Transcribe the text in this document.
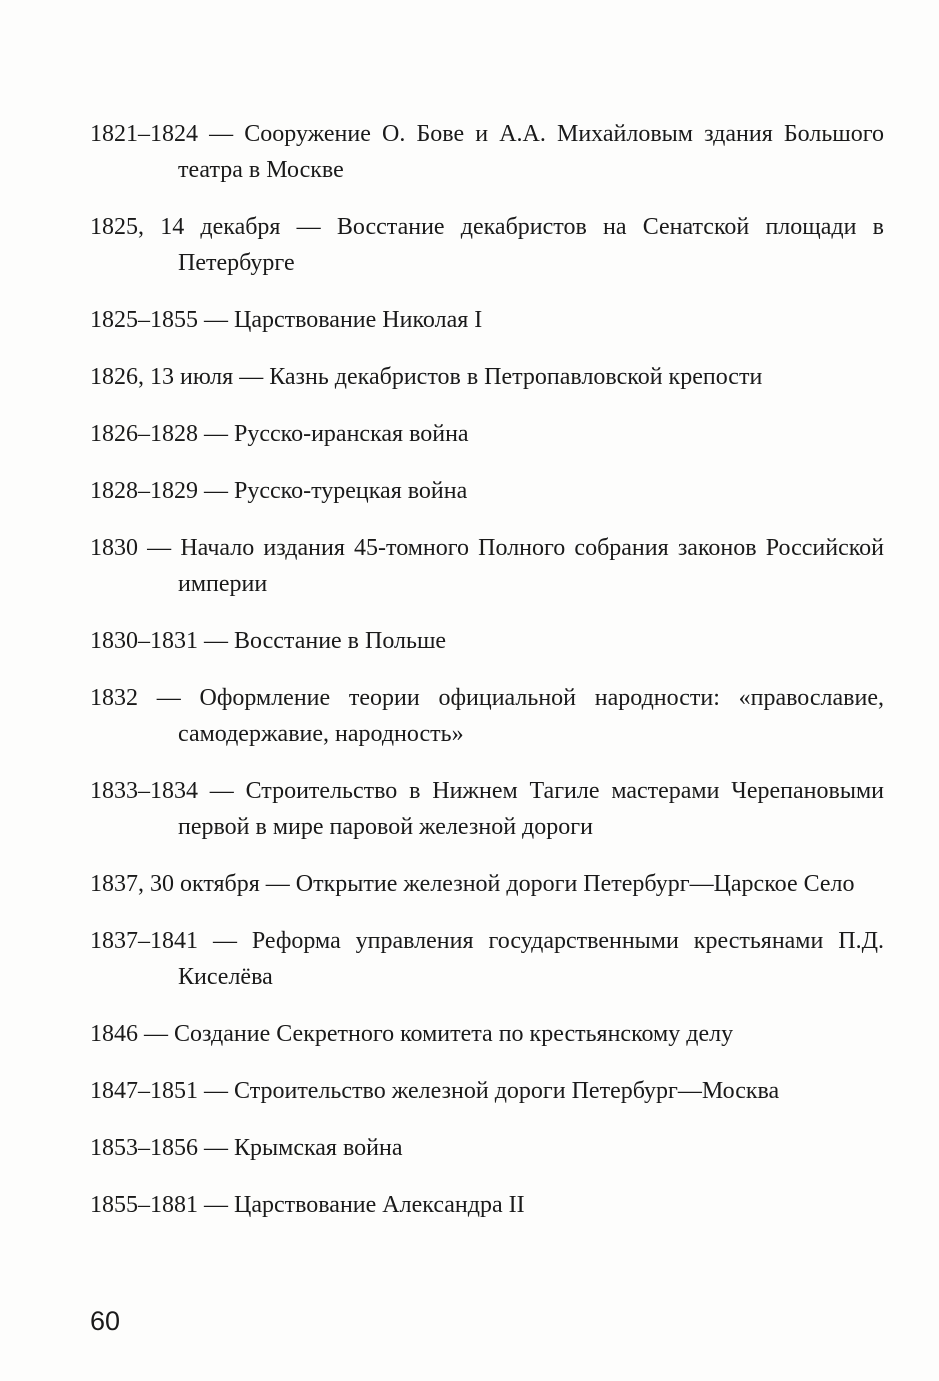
1821–1824 — Сооружение О. Бове и А.А. Михайловым здания Большого театра в Москве
1825, 14 декабря — Восстание декабристов на Сенатской площади в Петербурге
1825–1855 — Царствование Николая I
1826, 13 июля — Казнь декабристов в Петропавловской крепости
1826–1828 — Русско-иранская война
1828–1829 — Русско-турецкая война
1830 — Начало издания 45-томного Полного собрания законов Российской империи
1830–1831 — Восстание в Польше
1832 — Оформление теории официальной народности: «православие, самодержавие, народность»
1833–1834 — Строительство в Нижнем Тагиле мастерами Черепановыми первой в мире паровой железной дороги
1837, 30 октября — Открытие железной дороги Петербург—Царское Село
1837–1841 — Реформа управления государственными крестьянами П.Д. Киселёва
1846 — Создание Секретного комитета по крестьянскому делу
1847–1851 — Строительство железной дороги Петербург—Москва
1853–1856 — Крымская война
1855–1881 — Царствование Александра II
60
